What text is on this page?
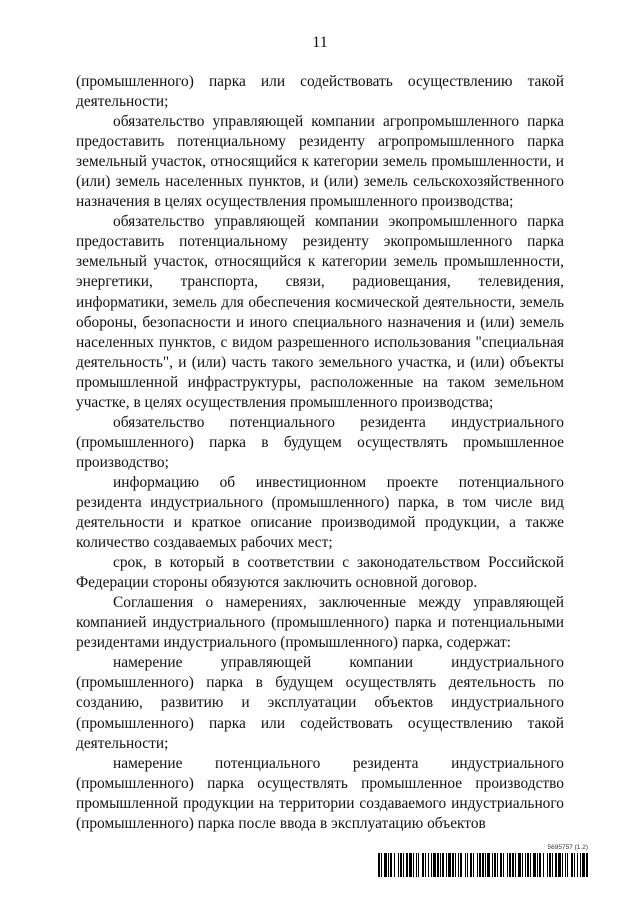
11

(промышленного) парка или содействовать осуществлению такой деятельности;

обязательство управляющей компании агропромышленного парка предоставить потенциальному резиденту агропромышленного парка земельный участок, относящийся к категории земель промышленности, и (или) земель населенных пунктов, и (или) земель сельскохозяйственного назначения в целях осуществления промышленного производства;

обязательство управляющей компании экопромышленного парка предоставить потенциальному резиденту экопромышленного парка земельный участок, относящийся к категории земель промышленности, энергетики, транспорта, связи, радиовещания, телевидения, информатики, земель для обеспечения космической деятельности, земель обороны, безопасности и иного специального назначения и (или) земель населенных пунктов, с видом разрешенного использования "специальная деятельность", и (или) часть такого земельного участка, и (или) объекты промышленной инфраструктуры, расположенные на таком земельном участке, в целях осуществления промышленного производства;

обязательство потенциального резидента индустриального (промышленного) парка в будущем осуществлять промышленное производство;

информацию об инвестиционном проекте потенциального резидента индустриального (промышленного) парка, в том числе вид деятельности и краткое описание производимой продукции, а также количество создаваемых рабочих мест;

срок, в который в соответствии с законодательством Российской Федерации стороны обязуются заключить основной договор.

Соглашения о намерениях, заключенные между управляющей компанией индустриального (промышленного) парка и потенциальными резидентами индустриального (промышленного) парка, содержат:

намерение управляющей компании индустриального (промышленного) парка в будущем осуществлять деятельность по созданию, развитию и эксплуатации объектов индустриального (промышленного) парка или содействовать осуществлению такой деятельности;

намерение потенциального резидента индустриального (промышленного) парка осуществлять промышленное производство промышленной продукции на территории создаваемого индустриального (промышленного) парка после ввода в эксплуатацию объектов

5695757 (1.2)
